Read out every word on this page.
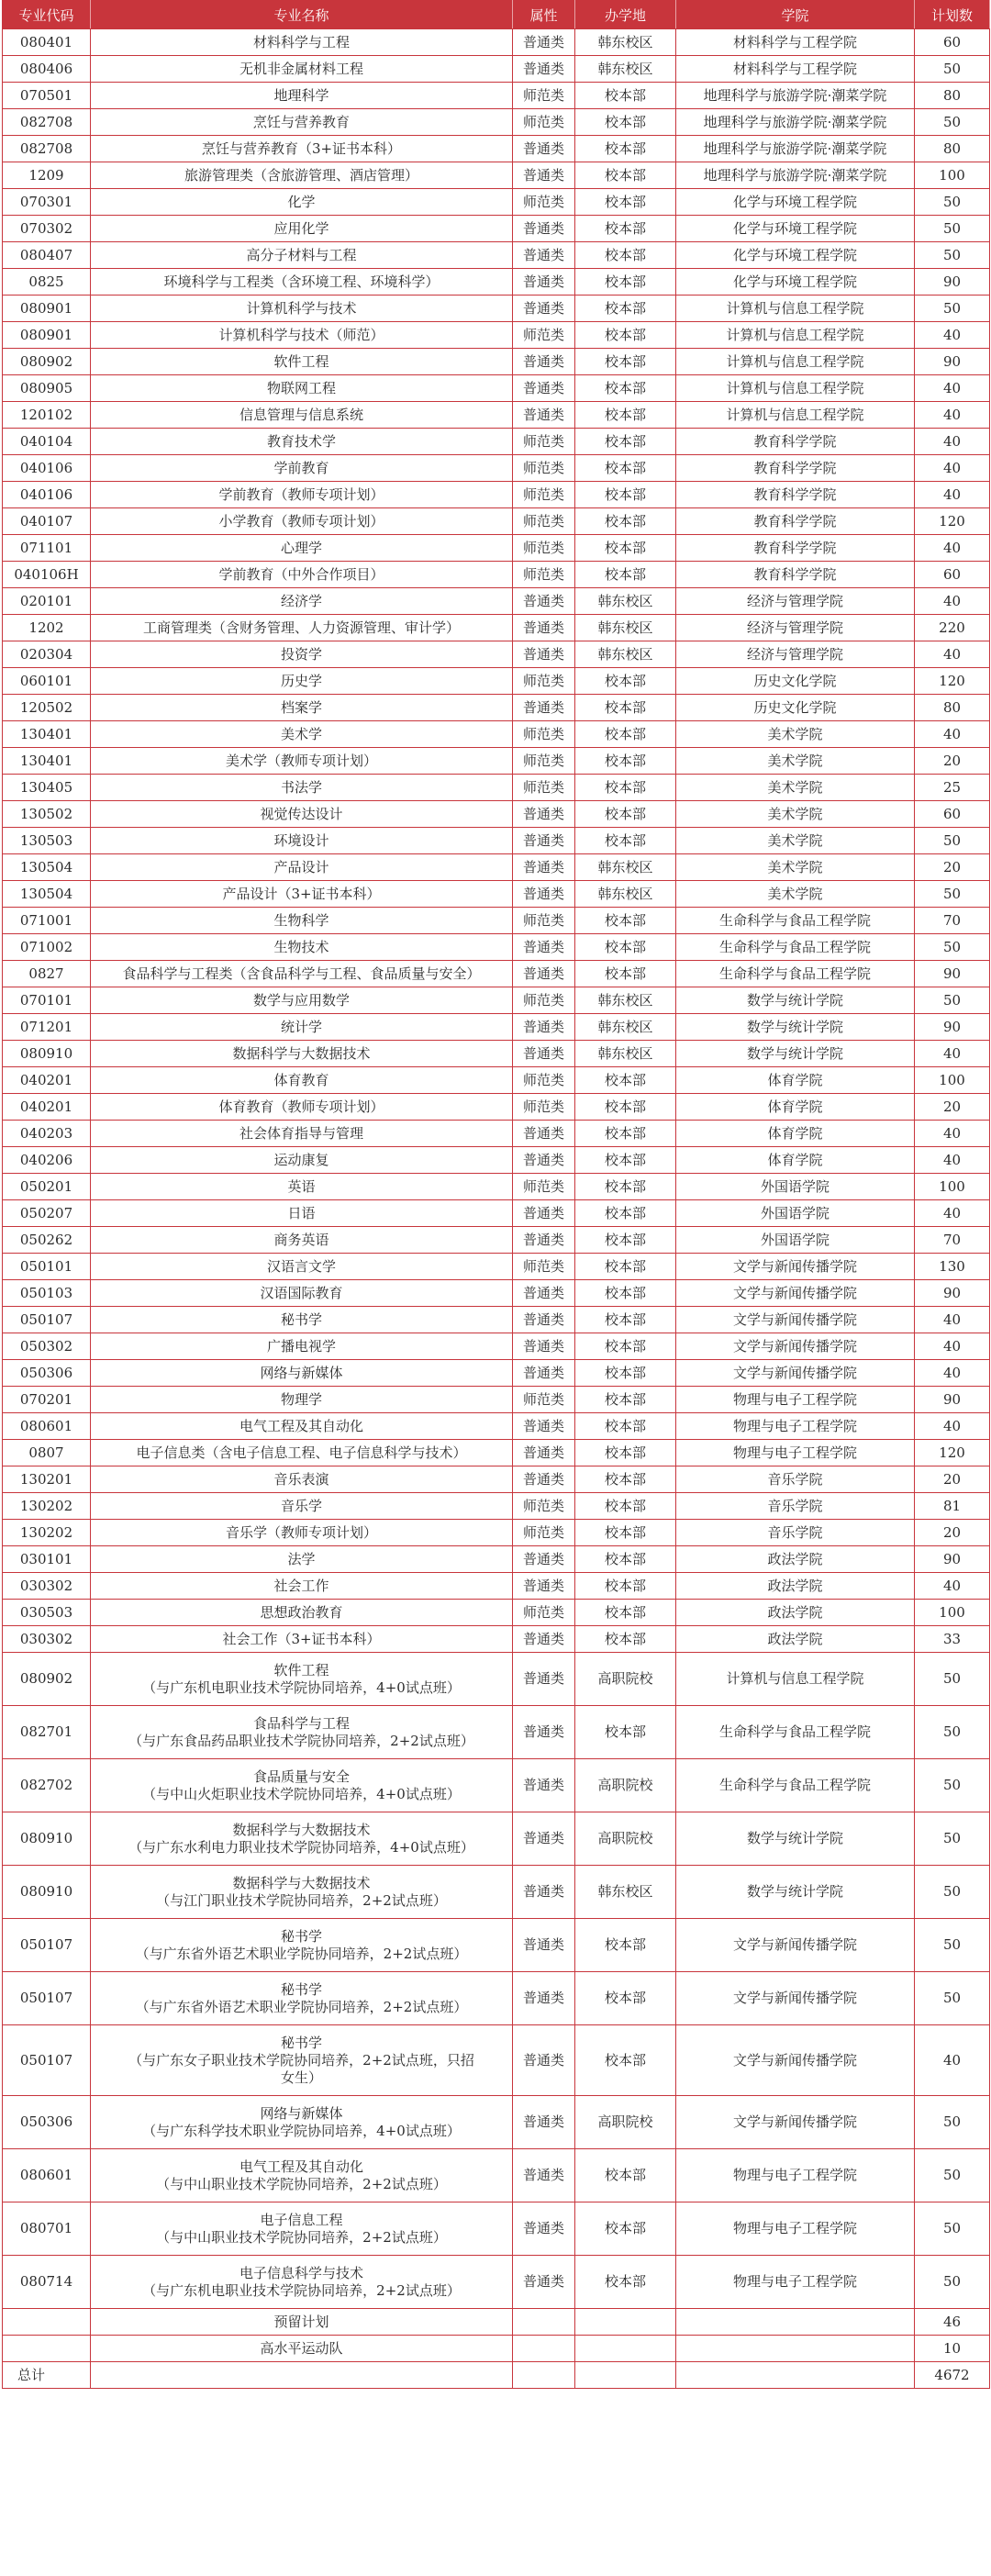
专业代码	专业名称	属性	办学地	学院	计划数
080401	材料科学与工程	普通类	韩东校区	材料科学与工程学院	60
080406	无机非金属材料工程	普通类	韩东校区	材料科学与工程学院	50
070501	地理科学	师范类	校本部	地理科学与旅游学院·潮菜学院	80
082708	烹饪与营养教育	师范类	校本部	地理科学与旅游学院·潮菜学院	50
082708	烹饪与营养教育（3+证书本科）	普通类	校本部	地理科学与旅游学院·潮菜学院	80
1209	旅游管理类（含旅游管理、酒店管理）	普通类	校本部	地理科学与旅游学院·潮菜学院	100
070301	化学	师范类	校本部	化学与环境工程学院	50
070302	应用化学	普通类	校本部	化学与环境工程学院	50
080407	高分子材料与工程	普通类	校本部	化学与环境工程学院	50
0825	环境科学与工程类（含环境工程、环境科学）	普通类	校本部	化学与环境工程学院	90
080901	计算机科学与技术	普通类	校本部	计算机与信息工程学院	50
080901	计算机科学与技术（师范）	师范类	校本部	计算机与信息工程学院	40
080902	软件工程	普通类	校本部	计算机与信息工程学院	90
080905	物联网工程	普通类	校本部	计算机与信息工程学院	40
120102	信息管理与信息系统	普通类	校本部	计算机与信息工程学院	40
040104	教育技术学	师范类	校本部	教育科学学院	40
040106	学前教育	师范类	校本部	教育科学学院	40
040106	学前教育（教师专项计划）	师范类	校本部	教育科学学院	40
040107	小学教育（教师专项计划）	师范类	校本部	教育科学学院	120
071101	心理学	师范类	校本部	教育科学学院	40
040106H	学前教育（中外合作项目）	师范类	校本部	教育科学学院	60
020101	经济学	普通类	韩东校区	经济与管理学院	40
1202	工商管理类（含财务管理、人力资源管理、审计学）	普通类	韩东校区	经济与管理学院	220
020304	投资学	普通类	韩东校区	经济与管理学院	40
060101	历史学	师范类	校本部	历史文化学院	120
120502	档案学	普通类	校本部	历史文化学院	80
130401	美术学	师范类	校本部	美术学院	40
130401	美术学（教师专项计划）	师范类	校本部	美术学院	20
130405	书法学	师范类	校本部	美术学院	25
130502	视觉传达设计	普通类	校本部	美术学院	60
130503	环境设计	普通类	校本部	美术学院	50
130504	产品设计	普通类	韩东校区	美术学院	20
130504	产品设计（3+证书本科）	普通类	韩东校区	美术学院	50
071001	生物科学	师范类	校本部	生命科学与食品工程学院	70
071002	生物技术	普通类	校本部	生命科学与食品工程学院	50
0827	食品科学与工程类（含食品科学与工程、食品质量与安全）	普通类	校本部	生命科学与食品工程学院	90
070101	数学与应用数学	师范类	韩东校区	数学与统计学院	50
071201	统计学	普通类	韩东校区	数学与统计学院	90
080910	数据科学与大数据技术	普通类	韩东校区	数学与统计学院	40
040201	体育教育	师范类	校本部	体育学院	100
040201	体育教育（教师专项计划）	师范类	校本部	体育学院	20
040203	社会体育指导与管理	普通类	校本部	体育学院	40
040206	运动康复	普通类	校本部	体育学院	40
050201	英语	师范类	校本部	外国语学院	100
050207	日语	普通类	校本部	外国语学院	40
050262	商务英语	普通类	校本部	外国语学院	70
050101	汉语言文学	师范类	校本部	文学与新闻传播学院	130
050103	汉语国际教育	普通类	校本部	文学与新闻传播学院	90
050107	秘书学	普通类	校本部	文学与新闻传播学院	40
050302	广播电视学	普通类	校本部	文学与新闻传播学院	40
050306	网络与新媒体	普通类	校本部	文学与新闻传播学院	40
070201	物理学	师范类	校本部	物理与电子工程学院	90
080601	电气工程及其自动化	普通类	校本部	物理与电子工程学院	40
0807	电子信息类（含电子信息工程、电子信息科学与技术）	普通类	校本部	物理与电子工程学院	120
130201	音乐表演	普通类	校本部	音乐学院	20
130202	音乐学	师范类	校本部	音乐学院	81
130202	音乐学（教师专项计划）	师范类	校本部	音乐学院	20
030101	法学	普通类	校本部	政法学院	90
030302	社会工作	普通类	校本部	政法学院	40
030503	思想政治教育	师范类	校本部	政法学院	100
030302	社会工作（3+证书本科）	普通类	校本部	政法学院	33
080902	软件工程
（与广东机电职业技术学院协同培养，4+0试点班）	普通类	高职院校	计算机与信息工程学院	50
082701	食品科学与工程
（与广东食品药品职业技术学院协同培养，2+2试点班）	普通类	校本部	生命科学与食品工程学院	50
082702	食品质量与安全
（与中山火炬职业技术学院协同培养，4+0试点班）	普通类	高职院校	生命科学与食品工程学院	50
080910	数据科学与大数据技术
（与广东水利电力职业技术学院协同培养，4+0试点班）	普通类	高职院校	数学与统计学院	50
080910	数据科学与大数据技术
（与江门职业技术学院协同培养，2+2试点班）	普通类	韩东校区	数学与统计学院	50
050107	秘书学
（与广东省外语艺术职业学院协同培养，2+2试点班）	普通类	校本部	文学与新闻传播学院	50
050107	秘书学
（与广东省外语艺术职业学院协同培养，2+2试点班）	普通类	校本部	文学与新闻传播学院	50
050107	秘书学
（与广东女子职业技术学院协同培养，2+2试点班，只招
女生）	普通类	校本部	文学与新闻传播学院	40
050306	网络与新媒体
（与广东科学技术职业学院协同培养，4+0试点班）	普通类	高职院校	文学与新闻传播学院	50
080601	电气工程及其自动化
（与中山职业技术学院协同培养，2+2试点班）	普通类	校本部	物理与电子工程学院	50
080701	电子信息工程
（与中山职业技术学院协同培养，2+2试点班）	普通类	校本部	物理与电子工程学院	50
080714	电子信息科学与技术
（与广东机电职业技术学院协同培养，2+2试点班）	普通类	校本部	物理与电子工程学院	50
	预留计划				46
	高水平运动队				10
总计					4672
